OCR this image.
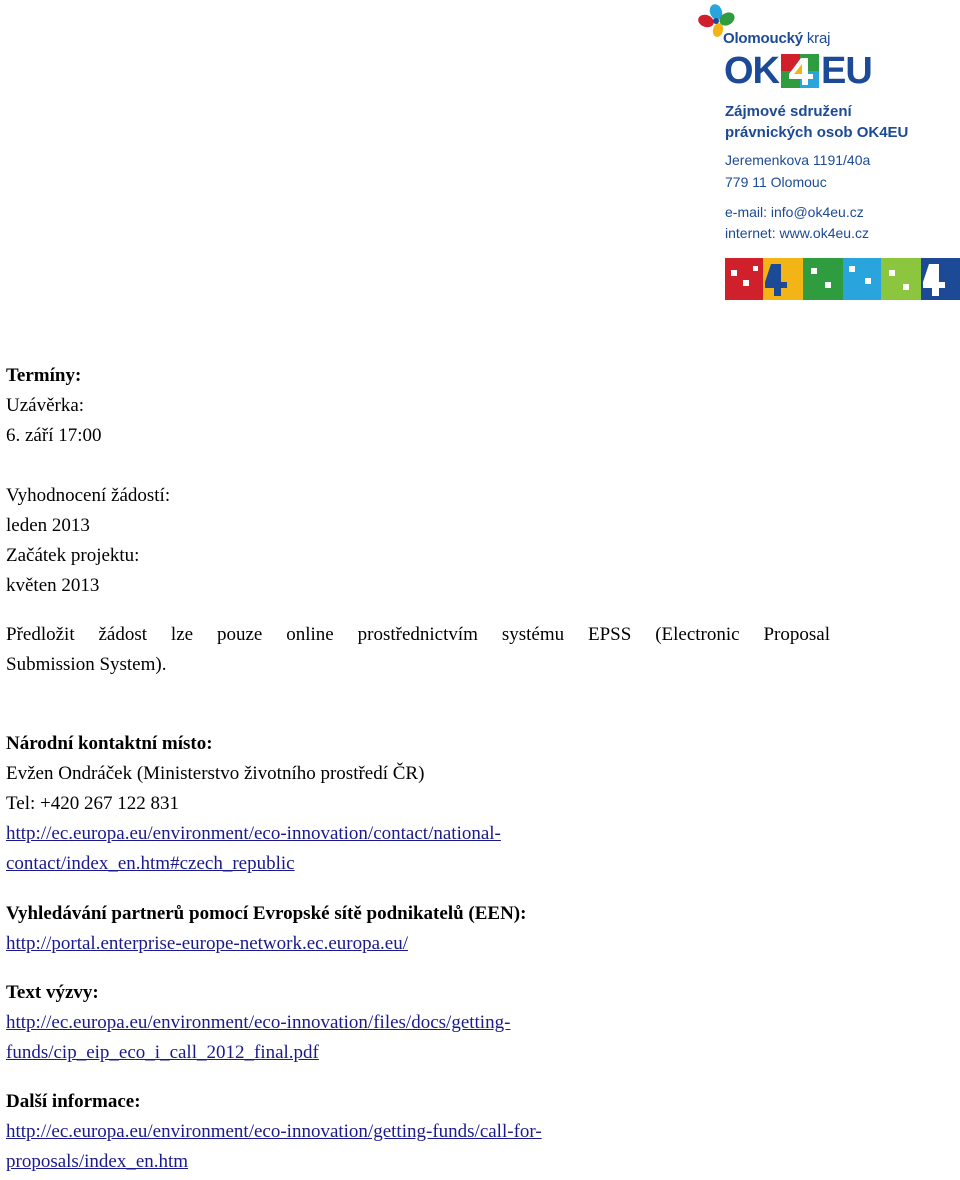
Olomoucký kraj
OK EU
Zájmové sdružení
právnických osob OK4EU
Jeremenkova 1191/40a
779 11 Olomouc
e-mail: info@ok4eu.cz
internet: www.ok4eu.cz
Termíny:
Uzávěrka:
6. září 17:00
Vyhodnocení žádostí:
leden 2013
Začátek projektu:
květen 2013
Předložit žádost lze pouze online prostřednictvím systému EPSS (Electronic Proposal
Submission System).
Národní kontaktní místo:
Evžen Ondráček (Ministerstvo životního prostředí ČR)
Tel: +420 267 122 831
http://ec.europa.eu/environment/eco-innovation/contact/national-
contact/index_en.htm#czech_republic
Vyhledávání partnerů pomocí Evropské sítě podnikatelů (EEN):
http://portal.enterprise-europe-network.ec.europa.eu/
Text výzvy:
http://ec.europa.eu/environment/eco-innovation/files/docs/getting-
funds/cip_eip_eco_i_call_2012_final.pdf
Další informace:
http://ec.europa.eu/environment/eco-innovation/getting-funds/call-for-
proposals/index_en.htm
